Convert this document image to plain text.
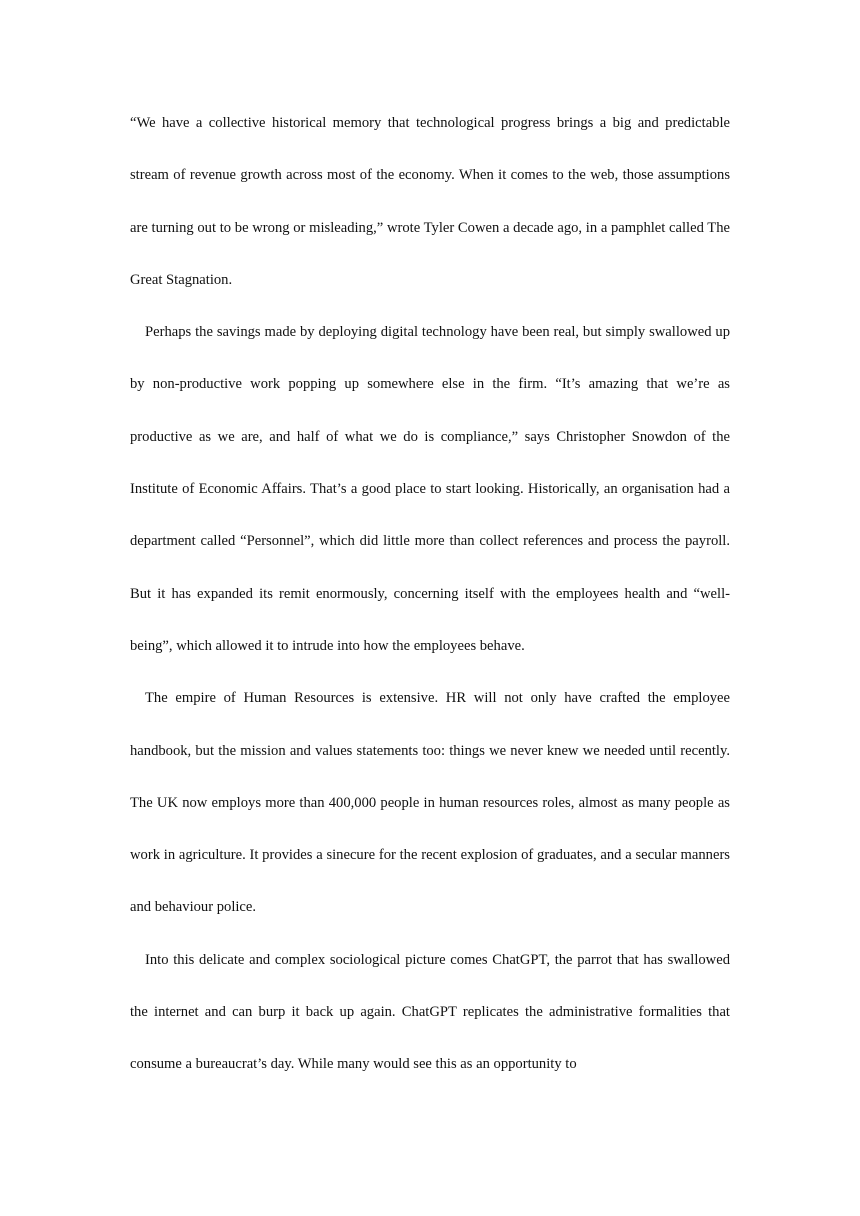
“We have a collective historical memory that technological progress brings a big and predictable stream of revenue growth across most of the economy. When it comes to the web, those assumptions are turning out to be wrong or misleading,” wrote Tyler Cowen a decade ago, in a pamphlet called The Great Stagnation.

Perhaps the savings made by deploying digital technology have been real, but simply swallowed up by non-productive work popping up somewhere else in the firm. “It’s amazing that we’re as productive as we are, and half of what we do is compliance,” says Christopher Snowdon of the Institute of Economic Affairs. That’s a good place to start looking. Historically, an organisation had a department called “Personnel”, which did little more than collect references and process the payroll. But it has expanded its remit enormously, concerning itself with the employees health and “well-being”, which allowed it to intrude into how the employees behave.

The empire of Human Resources is extensive. HR will not only have crafted the employee handbook, but the mission and values statements too: things we never knew we needed until recently. The UK now employs more than 400,000 people in human resources roles, almost as many people as work in agriculture. It provides a sinecure for the recent explosion of graduates, and a secular manners and behaviour police.

Into this delicate and complex sociological picture comes ChatGPT, the parrot that has swallowed the internet and can burp it back up again. ChatGPT replicates the administrative formalities that consume a bureaucrat’s day. While many would see this as an opportunity to
